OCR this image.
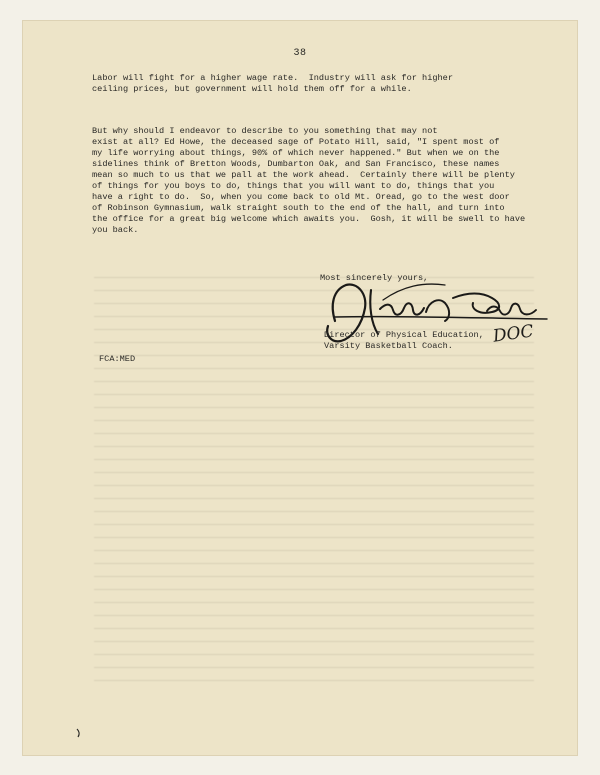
38
Labor will fight for a higher wage rate.  Industry will ask for higher
ceiling prices, but government will hold them off for a while.
But why should I endeavor to describe to you something that may not
exist at all? Ed Howe, the deceased sage of Potato Hill, said, "I spent most of
my life worrying about things, 90% of which never happened." But when we on the
sidelines think of Bretton Woods, Dumbarton Oak, and San Francisco, these names
mean so much to us that we pall at the work ahead.  Certainly there will be plenty
of things for you boys to do, things that you will want to do, things that you
have a right to do.  So, when you come back to old Mt. Oread, go to the west door
of Robinson Gymnasium, walk straight south to the end of the hall, and turn into
the office for a great big welcome which awaits you.  Gosh, it will be swell to have
you back.
Most sincerely yours,
Director of Physical Education,
Varsity Basketball Coach.	DOC
FCA:MED
